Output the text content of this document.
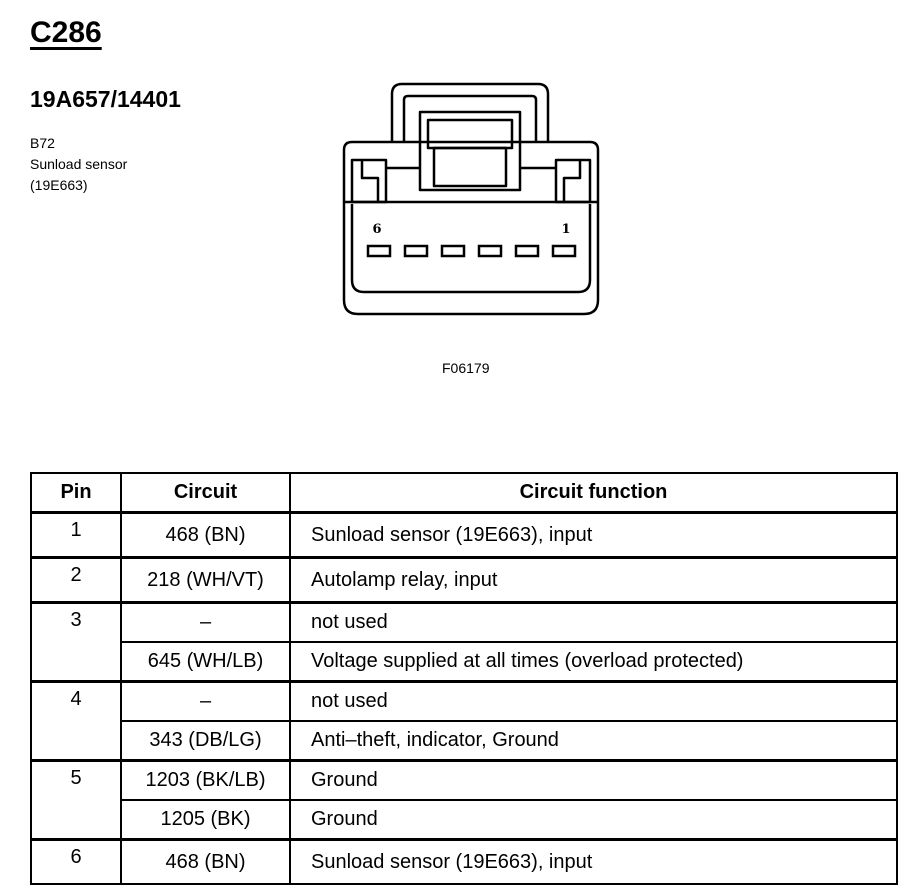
C286
19A657/14401
B72
Sunload sensor
(19E663)
6	1
F06179
Pin	Circuit	Circuit function
1	468 (BN)	Sunload sensor (19E663), input
2	218 (WH/VT)	Autolamp relay, input
3	–	not used
	645 (WH/LB)	Voltage supplied at all times (overload protected)
4	–	not used
	343 (DB/LG)	Anti–theft, indicator, Ground
5	1203 (BK/LB)	Ground
	1205 (BK)	Ground
6	468 (BN)	Sunload sensor (19E663), input
